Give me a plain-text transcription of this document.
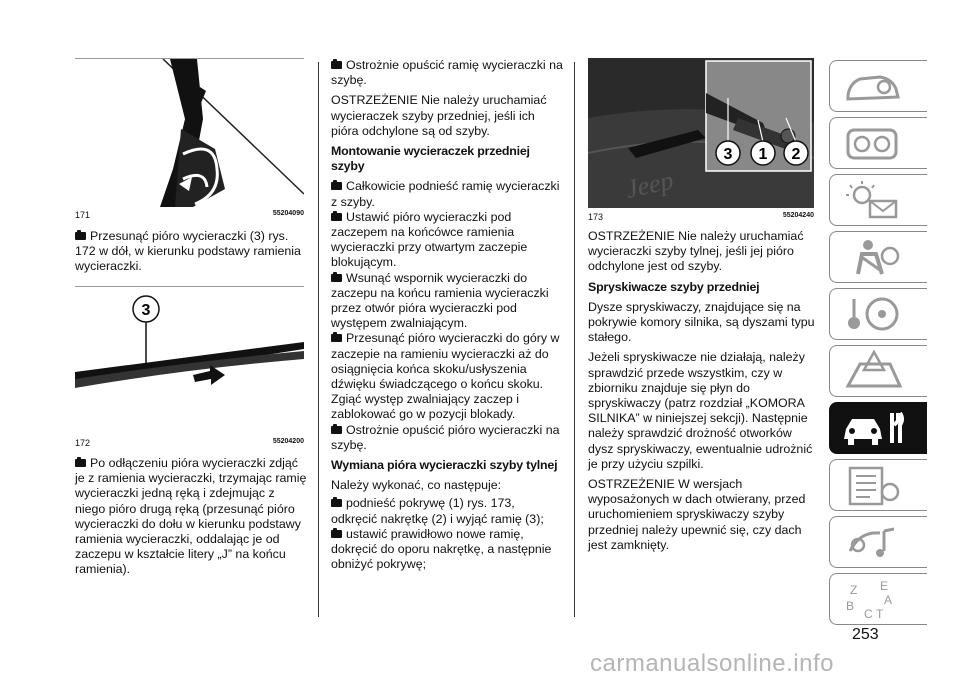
171	55204090

Przesunąć pióro wycieraczki (3) rys. 172 w dół, w kierunku podstawy ramienia wycieraczki.

3
172	55204200

Po odłączeniu pióra wycieraczki zdjąć je z ramienia wycieraczki, trzymając ramię wycieraczki jedną ręką i zdejmując z niego pióro drugą ręką (przesunąć pióro wycieraczki do dołu w kierunku podstawy ramienia wycieraczki, oddalając je od zaczepu w kształcie litery „J” na końcu ramienia).

Ostrożnie opuścić ramię wycieraczki na szybę.

OSTRZEŻENIE Nie należy uruchamiać wycieraczek szyby przedniej, jeśli ich pióra odchylone są od szyby.

Montowanie wycieraczek przedniej szyby
Całkowicie podnieść ramię wycieraczki z szyby.
Ustawić pióro wycieraczki pod zaczepem na końcówce ramienia wycieraczki przy otwartym zaczepie blokującym.
Wsunąć wspornik wycieraczki do zaczepu na końcu ramienia wycieraczki przez otwór pióra wycieraczki pod występem zwalniającym.
Przesunąć pióro wycieraczki do góry w zaczepie na ramieniu wycieraczki aż do osiągnięcia końca skoku/usłyszenia dźwięku świadczącego o końcu skoku. Zgiąć występ zwalniający zaczep i zablokować go w pozycji blokady.

Ostrożnie opuścić pióro wycieraczki na szybę.

Wymiana pióra wycieraczki szyby tylnej
Należy wykonać, co następuje:
podnieść pokrywę (1) rys. 173, odkręcić nakrętkę (2) i wyjąć ramię (3);
ustawić prawidłowo nowe ramię, dokręcić do oporu nakrętkę, a następnie obniżyć pokrywę;
Jeep
3 1 2
173	55204240

OSTRZEŻENIE Nie należy uruchamiać wycieraczki szyby tylnej, jeśli jej pióro odchylone jest od szyby.

Spryskiwacze szyby przedniej

Dysze spryskiwaczy, znajdujące się na pokrywie komory silnika, są dyszami typu stałego.

Jeżeli spryskiwacze nie działają, należy sprawdzić przede wszystkim, czy w zbiorniku znajduje się płyn do spryskiwaczy (patrz rozdział „KOMORA SILNIKA” w niniejszej sekcji). Następnie należy sprawdzić drożność otworków dysz spryskiwaczy, ewentualnie udrożnić je przy użyciu szpilki.

OSTRZEŻENIE W wersjach wyposażonych w dach otwierany, przed uruchomieniem spryskiwaczy szyby przedniej należy upewnić się, czy dach jest zamknięty.

Z E
A
B
C T
253
carmanualsonline.info
